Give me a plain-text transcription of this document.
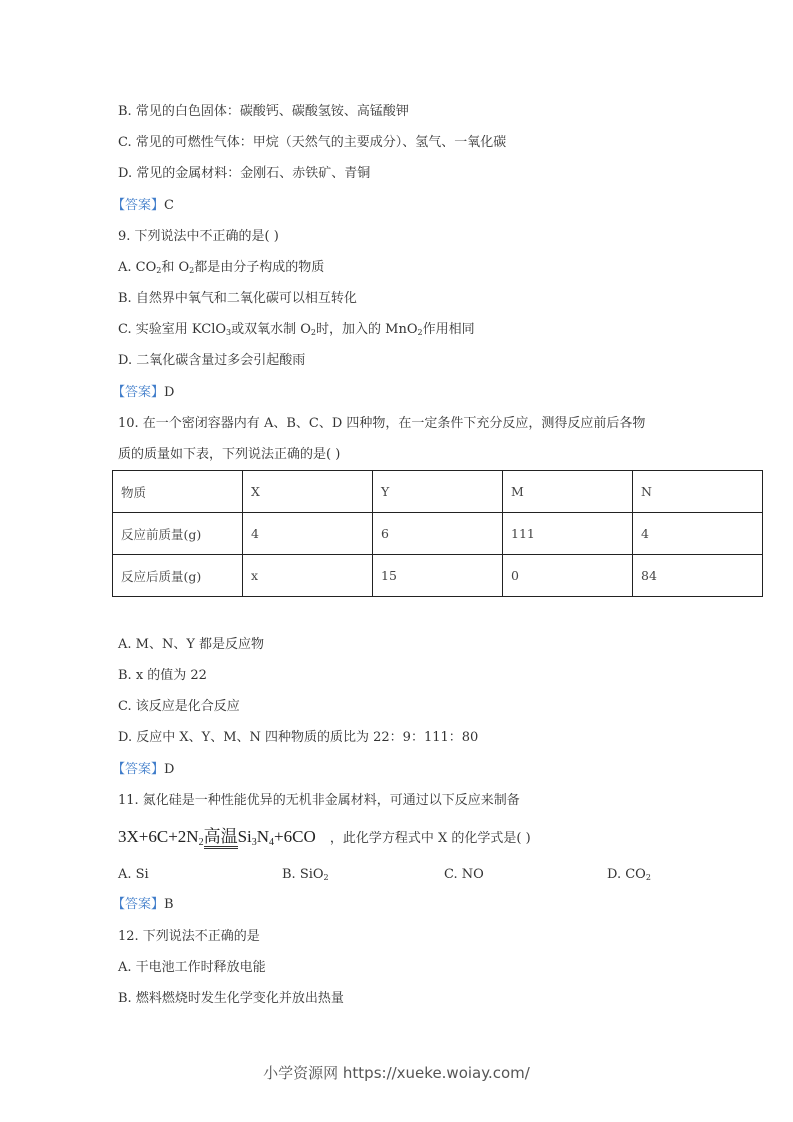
B. 常见的白色固体：碳酸钙、碳酸氢铵、高锰酸钾
C. 常见的可燃性气体：甲烷（天然气的主要成分）、氢气、一氧化碳
D. 常见的金属材料：金刚石、赤铁矿、青铜
【答案】C
9. 下列说法中不正确的是( )
A. $CO_2$和 $O_2$都是由分子构成的物质
B. 自然界中氧气和二氧化碳可以相互转化
C. 实验室用 KClO$_3$或双氧水制 $O_2$时，加入的 MnO$_2$作用相同
D. 二氧化碳含量过多会引起酸雨
【答案】D
10. 在一个密闭容器内有 A、B、C、D 四种物，在一定条件下充分反应，测得反应前后各物
质的质量如下表，下列说法正确的是( )
物质	X	Y	M	N
反应前质量(g)	4	6	111	4
反应后质量(g)	x	15	0	84
A. M、N、Y 都是反应物
B. x 的值为 22
C. 该反应是化合反应
D. 反应中 X、Y、M、N 四种物质的质比为 22：9：111：80
【答案】D
11. 氮化硅是一种性能优异的无机非金属材料，可通过以下反应来制备
$3X+6C+2N_2$高温$Si_3N_4+6CO$ ，此化学方程式中 X 的化学式是( )
A. Si	B. SiO$_2$	C. NO	D. $CO_2$
【答案】B
12. 下列说法不正确的是
A. 干电池工作时释放电能
B. 燃料燃烧时发生化学变化并放出热量
小学资源网 https://xueke.woiay.com/
